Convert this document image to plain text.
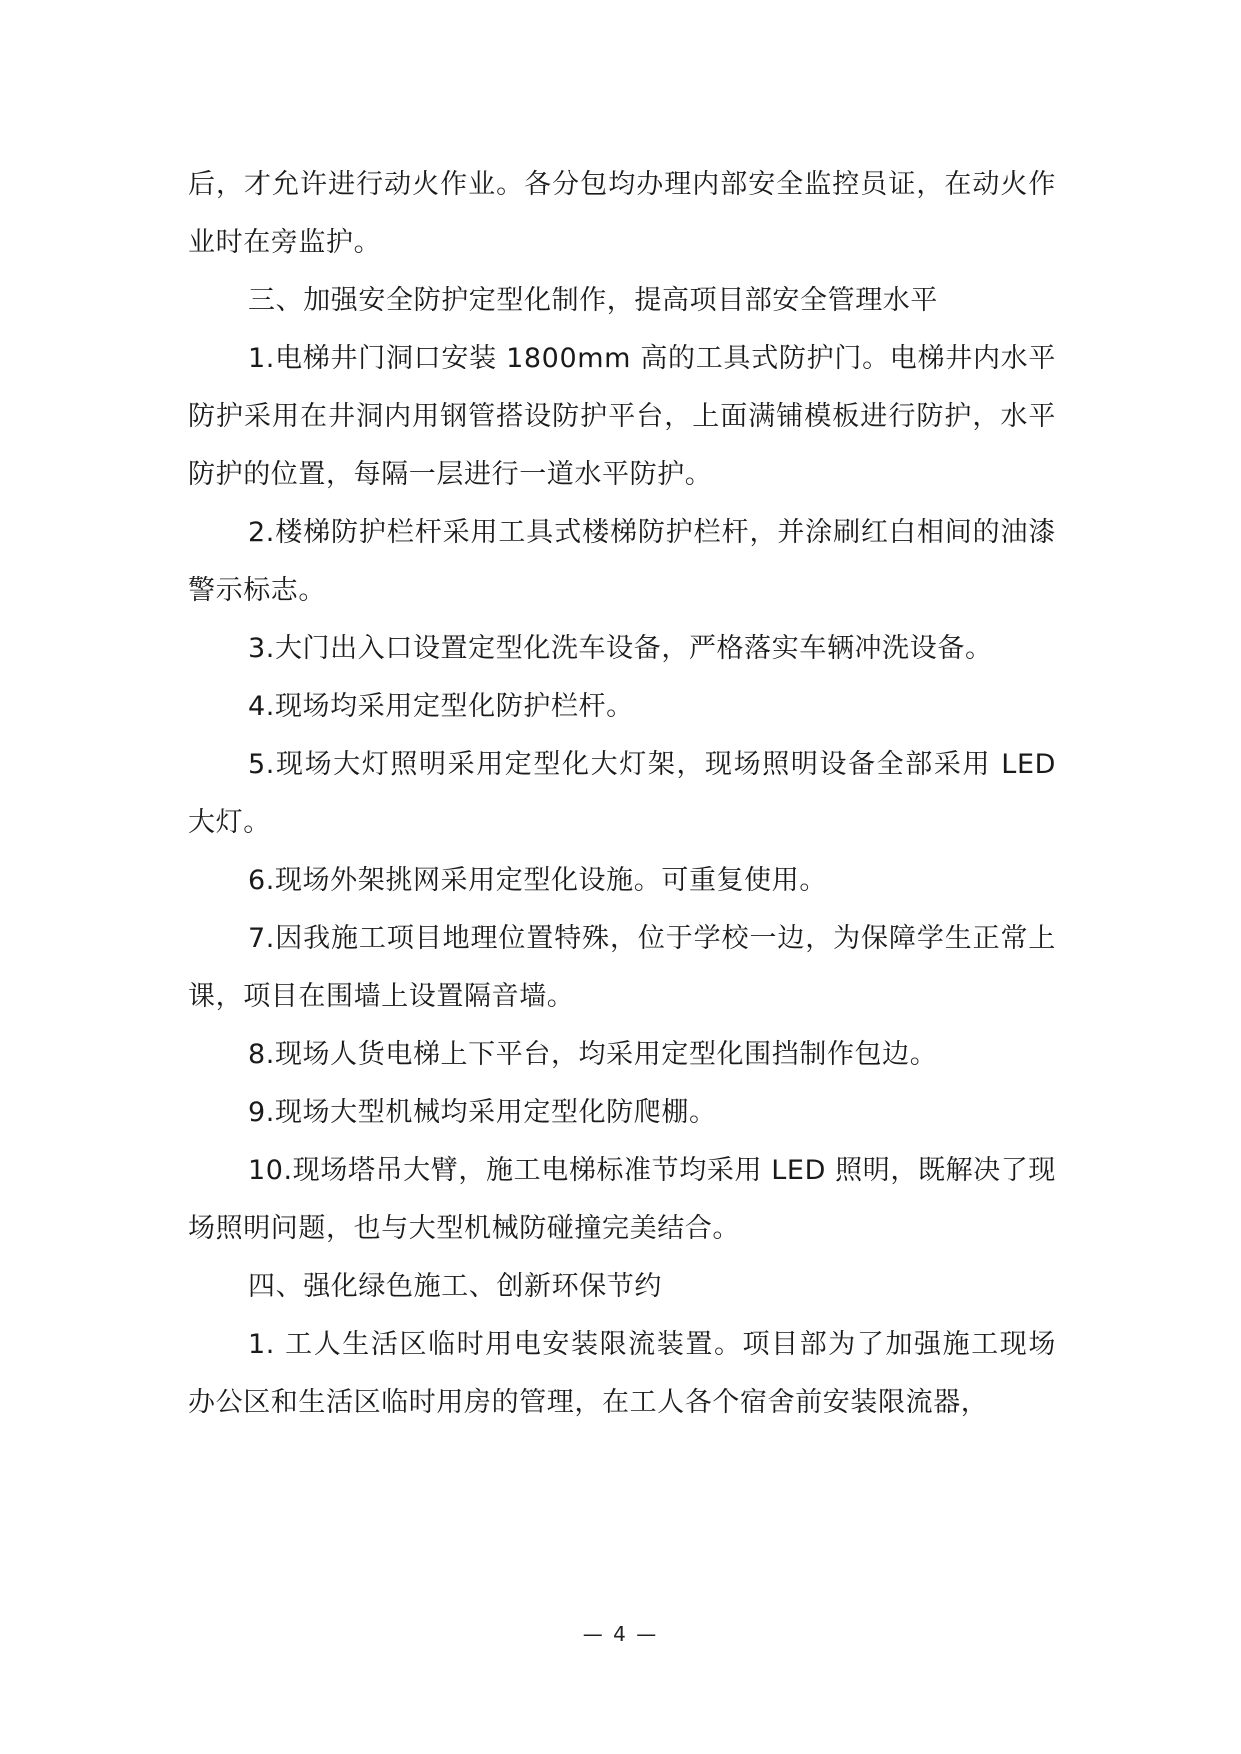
后，才允许进行动火作业。各分包均办理内部安全监控员证，在动火作业时在旁监护。

三、加强安全防护定型化制作，提高项目部安全管理水平

1.电梯井门洞口安装 1800mm 高的工具式防护门。电梯井内水平防护采用在井洞内用钢管搭设防护平台，上面满铺模板进行防护，水平防护的位置，每隔一层进行一道水平防护。

2.楼梯防护栏杆采用工具式楼梯防护栏杆，并涂刷红白相间的油漆警示标志。

3.大门出入口设置定型化洗车设备，严格落实车辆冲洗设备。

4.现场均采用定型化防护栏杆。

5.现场大灯照明采用定型化大灯架，现场照明设备全部采用 LED 大灯。

6.现场外架挑网采用定型化设施。可重复使用。

7.因我施工项目地理位置特殊，位于学校一边，为保障学生正常上课，项目在围墙上设置隔音墙。

8.现场人货电梯上下平台，均采用定型化围挡制作包边。

9.现场大型机械均采用定型化防爬棚。

10.现场塔吊大臂，施工电梯标准节均采用 LED 照明，既解决了现场照明问题，也与大型机械防碰撞完美结合。

四、强化绿色施工、创新环保节约

1. 工人生活区临时用电安装限流装置。项目部为了加强施工现场办公区和生活区临时用房的管理，在工人各个宿舍前安装限流器，

— 4 —
